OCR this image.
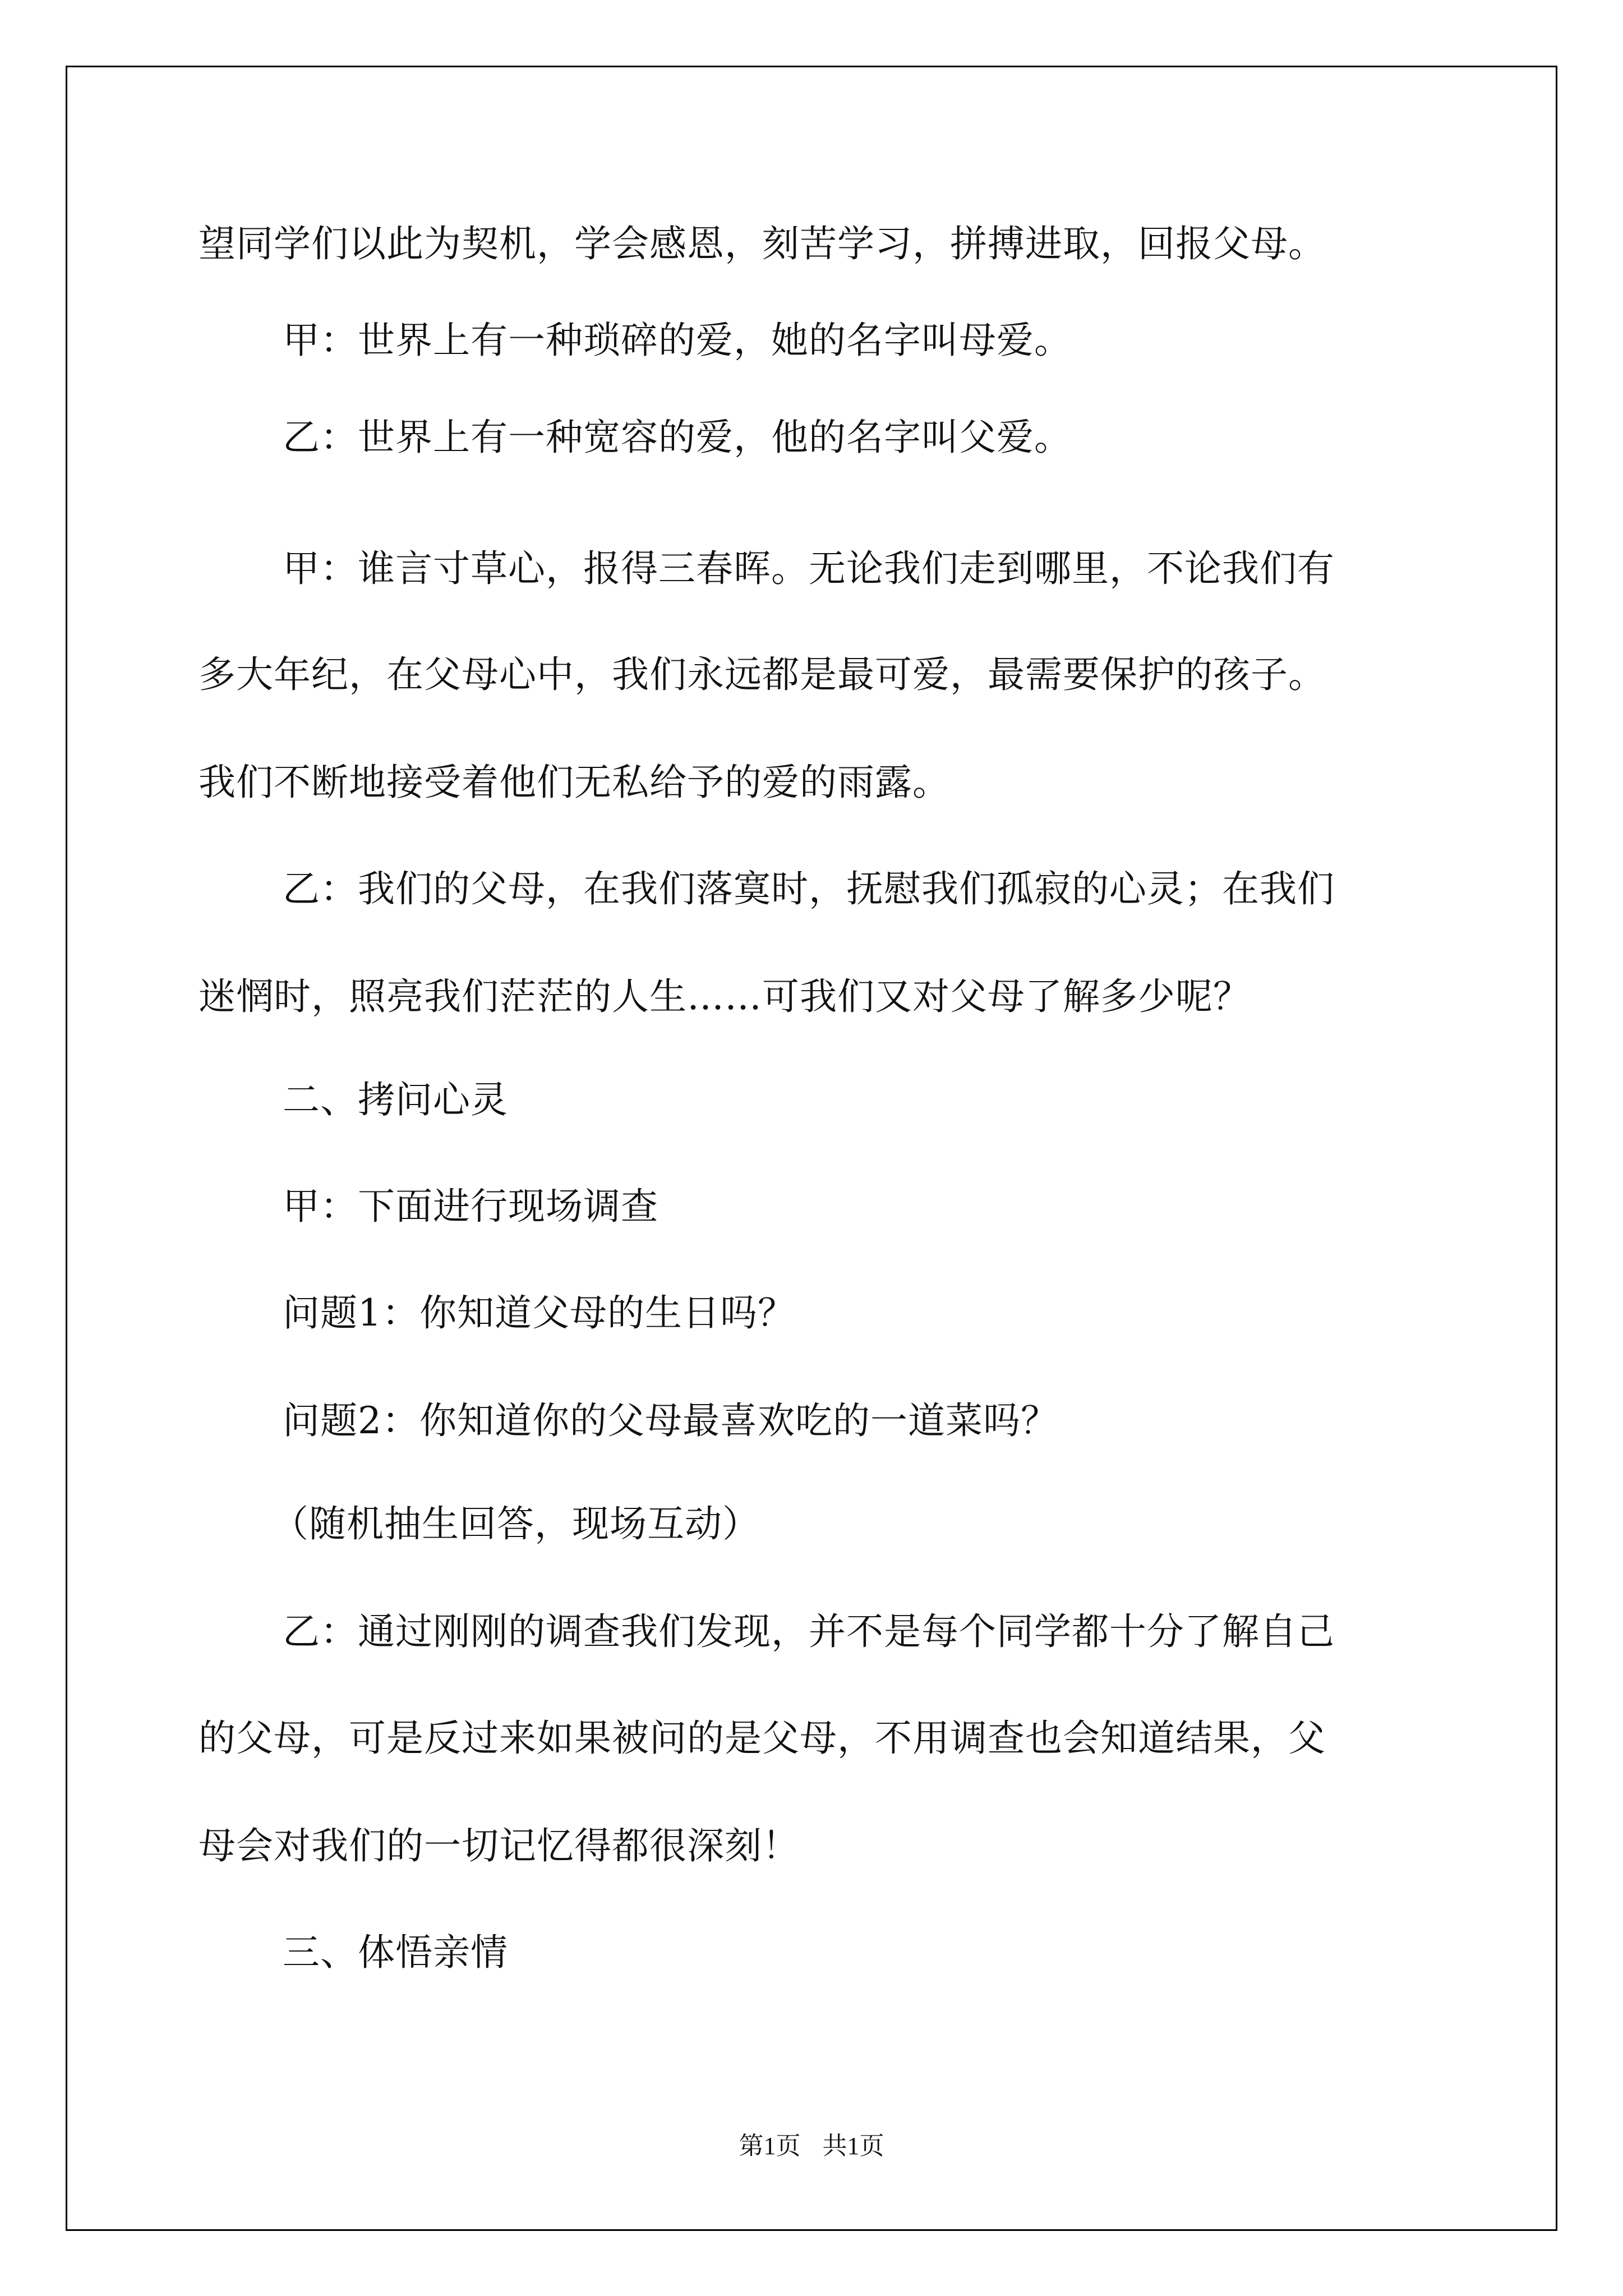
望同学们以此为契机，学会感恩，刻苦学习，拼搏进取，回报父母。
甲：世界上有一种琐碎的爱，她的名字叫母爱。
乙：世界上有一种宽容的爱，他的名字叫父爱。
甲：谁言寸草心，报得三春晖。无论我们走到哪里，不论我们有
多大年纪，在父母心中，我们永远都是最可爱，最需要保护的孩子。
我们不断地接受着他们无私给予的爱的雨露。
乙：我们的父母，在我们落寞时，抚慰我们孤寂的心灵；在我们
迷惘时，照亮我们茫茫的人生……可我们又对父母了解多少呢？
二、拷问心灵
甲：下面进行现场调查
问题1：你知道父母的生日吗？
问题2：你知道你的父母最喜欢吃的一道菜吗？
（随机抽生回答，现场互动）
乙：通过刚刚的调查我们发现，并不是每个同学都十分了解自己
的父母，可是反过来如果被问的是父母，不用调查也会知道结果，父
母会对我们的一切记忆得都很深刻！
三、体悟亲情
第1页 共1页
